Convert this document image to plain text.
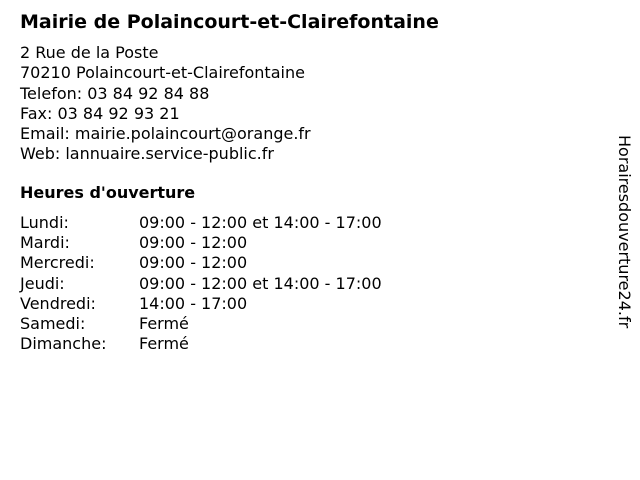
Mairie de Polaincourt-et-Clairefontaine
2 Rue de la Poste
70210 Polaincourt-et-Clairefontaine
Telefon: 03 84 92 84 88
Fax: 03 84 92 93 21
Email: mairie.polaincourt@orange.fr
Web: lannuaire.service-public.fr
Heures d'ouverture
Lundi:	09:00 - 12:00 et 14:00 - 17:00
Mardi:	09:00 - 12:00
Mercredi:	09:00 - 12:00
Jeudi:	09:00 - 12:00 et 14:00 - 17:00
Vendredi:	14:00 - 17:00
Samedi:	Fermé
Dimanche: Fermé
Horairesdouverture24.fr
